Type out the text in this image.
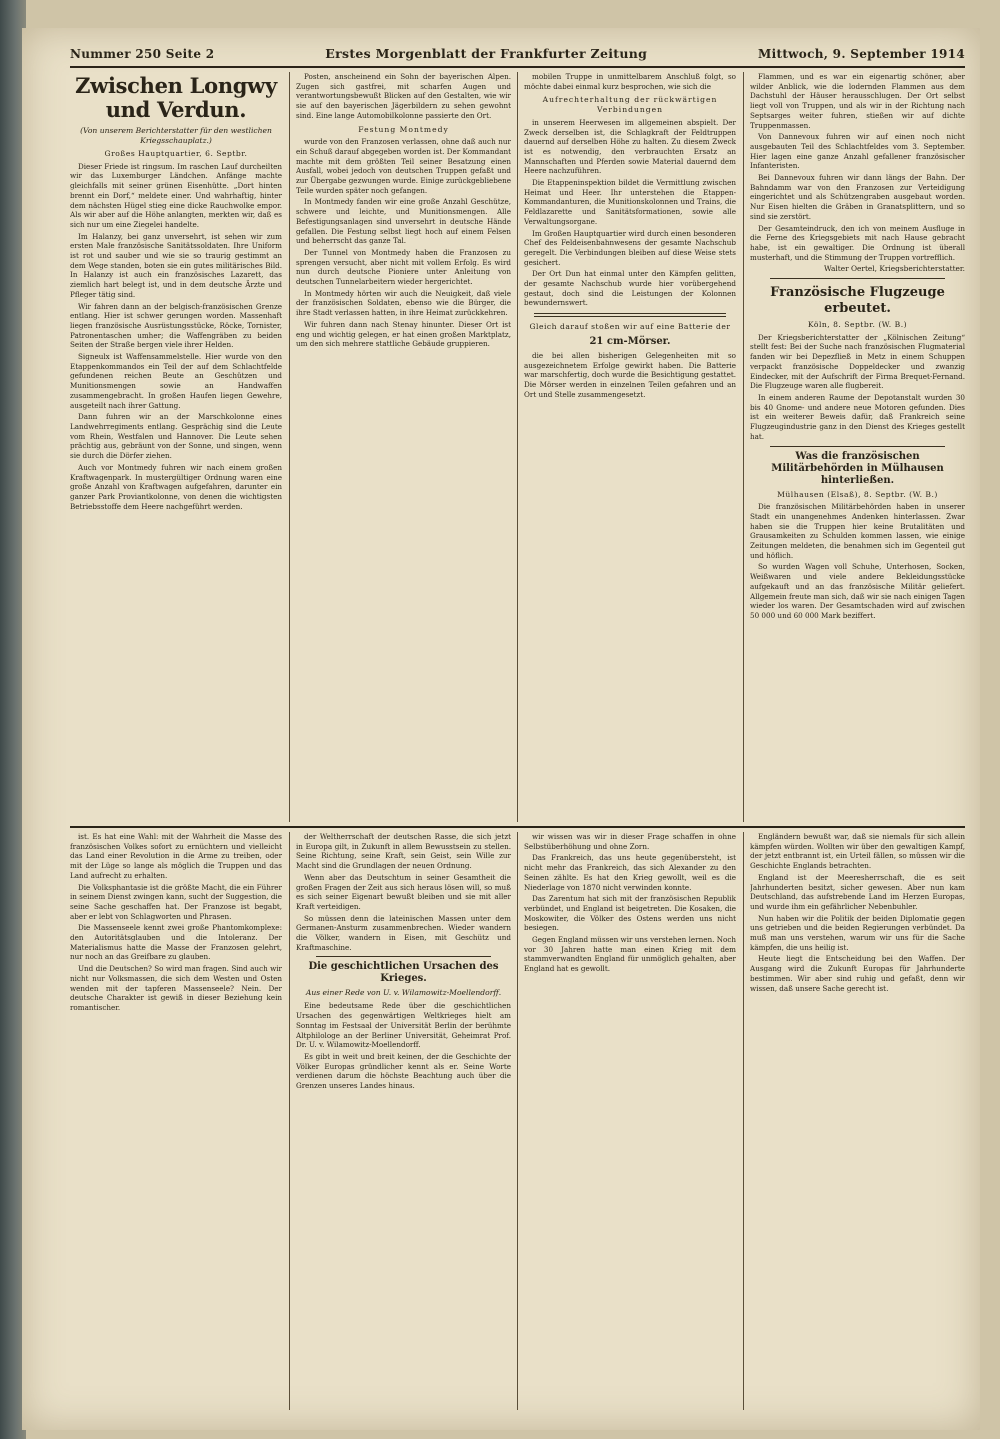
Nummer 250 Seite 2	Erstes Morgenblatt der Frankfurter Zeitung	Mittwoch, 9. September 1914
Zwischen Longwy und Verdun.
(Von unserem Berichterstatter für den westlichen Kriegsschauplatz.)
Großes Hauptquartier, 6. Septbr.

Dieser Friede ist ringsum. Im raschen Lauf durcheilten wir das Luxemburger Ländchen. Anfänge machte gleichfalls mit seiner grünen Eisenhütte. „Dort hinten brennt ein Dorf,“ meldete einer. Und wahrhaftig, hinter dem nächsten Hügel stieg eine dicke Rauchwolke empor. Als wir aber auf die Höhe anlangten, merkten wir, daß es sich nur um eine Ziegelei handelte.

Im Halanzy, bei ganz unversehrt, ist sehen wir zum ersten Male französische Sanitätssoldaten. Ihre Uniform ist rot und sauber und wie sie so traurig gestimmt an dem Wege standen, boten sie ein gutes militärisches Bild. In Halanzy ist auch ein französisches Lazarett, das ziemlich hart belegt ist, und in dem deutsche Ärzte und Pfleger tätig sind.

Wir fahren dann an der belgisch-französischen Grenze entlang. Hier ist schwer gerungen worden. Massenhaft liegen französische Ausrüstungsstücke, Röcke, Tornister, Patronentaschen umher; die Waffengräben zu beiden Seiten der Straße bergen viele ihrer Helden.

Signeulx ist Waffensammelstelle. Hier wurde von den Etappenkommandos ein Teil der auf dem Schlachtfelde gefundenen reichen Beute an Geschützen und Munitionsmengen sowie an Handwaffen zusammengebracht. In großen Haufen liegen Gewehre, ausgeteilt nach ihrer Gattung.

Dann fuhren wir an der Marschkolonne eines Landwehrregiments entlang. Gesprächig sind die Leute vom Rhein, Westfalen und Hannover. Die Leute sehen prächtig aus, gebräunt von der Sonne, und singen, wenn sie durch die Dörfer ziehen.

Auch vor Montmedy fuhren wir nach einem großen Kraftwagenpark. In mustergültiger Ordnung waren eine große Anzahl von Kraftwagen aufgefahren, darunter ein ganzer Park Proviantkolonne, von denen die wichtigsten Betriebsstoffe dem Heere nachgeführt werden.

Posten, anscheinend ein Sohn der bayerischen Alpen. Zugen sich gastfrei, mit scharfen Augen und verantwortungsbewußt Blicken auf den Gestalten, wie wir sie auf den bayerischen Jägerbildern zu sehen gewohnt sind. Eine lange Automobilkolonne passierte den Ort.

Festung Montmedy

wurde von den Franzosen verlassen, ohne daß auch nur ein Schuß darauf abgegeben worden ist. Der Kommandant machte mit dem größten Teil seiner Besatzung einen Ausfall, wobei jedoch von deutschen Truppen gefaßt und zur Übergabe gezwungen wurde. Einige zurückgebliebene Teile wurden später noch gefangen.

In Montmedy fanden wir eine große Anzahl Geschütze, schwere und leichte, und Munitionsmengen. Alle Befestigungsanlagen sind unversehrt in deutsche Hände gefallen. Die Festung selbst liegt hoch auf einem Felsen und beherrscht das ganze Tal.

Der Tunnel von Montmedy haben die Franzosen zu sprengen versucht, aber nicht mit vollem Erfolg. Es wird nun durch deutsche Pioniere unter Anleitung von deutschen Tunnelarbeitern wieder hergerichtet.

In Montmedy hörten wir auch die Neuigkeit, daß viele der französischen Soldaten, ebenso wie die Bürger, die ihre Stadt verlassen hatten, in ihre Heimat zurückkehren.

Wir fuhren dann nach Stenay hinunter. Dieser Ort ist eng und wichtig gelegen, er hat einen großen Marktplatz, um den sich mehrere stattliche Gebäude gruppieren.

mobilen Truppe in unmittelbarem Anschluß folgt, so möchte dabei einmal kurz besprochen, wie sich die

Aufrechterhaltung der rückwärtigen Verbindungen

in unserem Heerwesen im allgemeinen abspielt. Der Zweck derselben ist, die Schlagkraft der Feldtruppen dauernd auf derselben Höhe zu halten. Zu diesem Zweck ist es notwendig, den verbrauchten Ersatz an Mannschaften und Pferden sowie Material dauernd dem Heere nachzuführen.

Die Etappeninspektion bildet die Vermittlung zwischen Heimat und Heer. Ihr unterstehen die Etappen-Kommandanturen, die Munitionskolonnen und Trains, die Feldlazarette und Sanitätsformationen, sowie alle Verwaltungsorgane.

Im Großen Hauptquartier wird durch einen besonderen Chef des Feldeisenbahnwesens der gesamte Nachschub geregelt. Die Verbindungen bleiben auf diese Weise stets gesichert.

Der Ort Dun hat einmal unter den Kämpfen gelitten, der gesamte Nachschub wurde hier vorübergehend gestaut, doch sind die Leistungen der Kolonnen bewundernswert.

Gleich darauf stoßen wir auf eine Batterie der
21 cm-Mörser.

die bei allen bisherigen Gelegenheiten mit so ausgezeichnetem Erfolge gewirkt haben. Die Batterie war marschfertig, doch wurde die Besichtigung gestattet. Die Mörser werden in einzelnen Teilen gefahren und an Ort und Stelle zusammengesetzt.

Flammen, und es war ein eigenartig schöner, aber wilder Anblick, wie die lodernden Flammen aus dem Dachstuhl der Häuser herausschlugen. Der Ort selbst liegt voll von Truppen, und als wir in der Richtung nach Septsarges weiter fuhren, stießen wir auf dichte Truppenmassen.

Von Dannevoux fuhren wir auf einen noch nicht ausgebauten Teil des Schlachtfeldes vom 3. September. Hier lagen eine ganze Anzahl gefallener französischer Infanteristen.

Bei Dannevoux fuhren wir dann längs der Bahn. Der Bahndamm war von den Franzosen zur Verteidigung eingerichtet und als Schützengraben ausgebaut worden. Nur Eisen hielten die Gräben in Granatsplittern, und so sind sie zerstört.

Der Gesamteindruck, den ich von meinem Ausfluge in die Ferne des Kriegsgebiets mit nach Hause gebracht habe, ist ein gewaltiger. Die Ordnung ist überall musterhaft, und die Stimmung der Truppen vortrefflich.

Walter Oertel, Kriegsberichterstatter.
Französische Flugzeuge erbeutet.
Köln, 8. Septbr. (W. B.)

Der Kriegsberichterstatter der „Kölnischen Zeitung“ stellt fest: Bei der Suche nach französischen Flugmaterial fanden wir bei Depezfließ in Metz in einem Schuppen verpackt französische Doppeldecker und zwanzig Eindecker, mit der Aufschrift der Firma Brequet-Fernand. Die Flugzeuge waren alle flugbereit.

In einem anderen Raume der Depotanstalt wurden 30 bis 40 Gnome- und andere neue Motoren gefunden. Dies ist ein weiterer Beweis dafür, daß Frankreich seine Flugzeugindustrie ganz in den Dienst des Krieges gestellt hat.

Was die französischen Militärbehörden in Mülhausen hinterließen.
Mülhausen (Elsaß), 8. Septbr. (W. B.)

Die französischen Militärbehörden haben in unserer Stadt ein unangenehmes Andenken hinterlassen. Zwar haben sie die Truppen hier keine Brutalitäten und Grausamkeiten zu Schulden kommen lassen, wie einige Zeitungen meldeten, die benahmen sich im Gegenteil gut und höflich.

So wurden Wagen voll Schuhe, Unterhosen, Socken, Weißwaren und viele andere Bekleidungsstücke aufgekauft und an das französische Militär geliefert. Allgemein freute man sich, daß wir sie nach einigen Tagen wieder los waren. Der Gesamtschaden wird auf zwischen 50 000 und 60 000 Mark beziffert.

ist. Es hat eine Wahl: mit der Wahrheit die Masse des französischen Volkes sofort zu ernüchtern und vielleicht das Land einer Revolution in die Arme zu treiben, oder mit der Lüge so lange als möglich die Truppen und das Land aufrecht zu erhalten.

Die Volksphantasie ist die größte Macht, die ein Führer in seinem Dienst zwingen kann, sucht der Suggestion, die seine Sache geschaffen hat. Der Franzose ist begabt, aber er lebt von Schlagworten und Phrasen.

Die Massenseele kennt zwei große Phantomkomplexe: den Autoritätsglauben und die Intoleranz. Der Materialismus hatte die Masse der Franzosen gelehrt, nur noch an das Greifbare zu glauben.

Und die Deutschen? So wird man fragen. Sind auch wir nicht nur Volksmassen, die sich dem Westen und Osten wenden mit der tapferen Massenseele? Nein. Der deutsche Charakter ist gewiß in dieser Beziehung kein romantischer.

der Weltherrschaft der deutschen Rasse, die sich jetzt in Europa gilt, in Zukunft in allem Bewusstsein zu stellen. Seine Richtung, seine Kraft, sein Geist, sein Wille zur Macht sind die Grundlagen der neuen Ordnung.

Wenn aber das Deutschtum in seiner Gesamtheit die großen Fragen der Zeit aus sich heraus lösen will, so muß es sich seiner Eigenart bewußt bleiben und sie mit aller Kraft verteidigen.

So müssen denn die lateinischen Massen unter dem Germanen-Ansturm zusammenbrechen. Wieder wandern die Völker, wandern in Eisen, mit Geschütz und Kraftmaschine.

Die geschichtlichen Ursachen des Krieges.
Aus einer Rede von U. v. Wilamowitz-Moellendorff.

Eine bedeutsame Rede über die geschichtlichen Ursachen des gegenwärtigen Weltkrieges hielt am Sonntag im Festsaal der Universität Berlin der berühmte Altphilologe an der Berliner Universität, Geheimrat Prof. Dr. U. v. Wilamowitz-Moellendorff.

Es gibt in weit und breit keinen, der die Geschichte der Völker Europas gründlicher kennt als er. Seine Worte verdienen darum die höchste Beachtung auch über die Grenzen unseres Landes hinaus.

wir wissen was wir in dieser Frage schaffen in ohne Selbstüberhöhung und ohne Zorn.

Das Frankreich, das uns heute gegenübersteht, ist nicht mehr das Frankreich, das sich Alexander zu den Seinen zählte. Es hat den Krieg gewollt, weil es die Niederlage von 1870 nicht verwinden konnte.

Das Zarentum hat sich mit der französischen Republik verbündet, und England ist beigetreten. Die Kosaken, die Moskowiter, die Völker des Ostens werden uns nicht besiegen.

Gegen England müssen wir uns verstehen lernen. Noch vor 30 Jahren hatte man einen Krieg mit dem stammverwandten England für unmöglich gehalten, aber England hat es gewollt.

Engländern bewußt war, daß sie niemals für sich allein kämpfen würden. Wollten wir über den gewaltigen Kampf, der jetzt entbrannt ist, ein Urteil fällen, so müssen wir die Geschichte Englands betrachten.

England ist der Meeresherrschaft, die es seit Jahrhunderten besitzt, sicher gewesen. Aber nun kam Deutschland, das aufstrebende Land im Herzen Europas, und wurde ihm ein gefährlicher Nebenbuhler.

Nun haben wir die Politik der beiden Diplomatie gegen uns getrieben und die beiden Regierungen verbündet. Da muß man uns verstehen, warum wir uns für die Sache kämpfen, die uns heilig ist.

Heute liegt die Entscheidung bei den Waffen. Der Ausgang wird die Zukunft Europas für Jahrhunderte bestimmen. Wir aber sind ruhig und gefaßt, denn wir wissen, daß unsere Sache gerecht ist.
